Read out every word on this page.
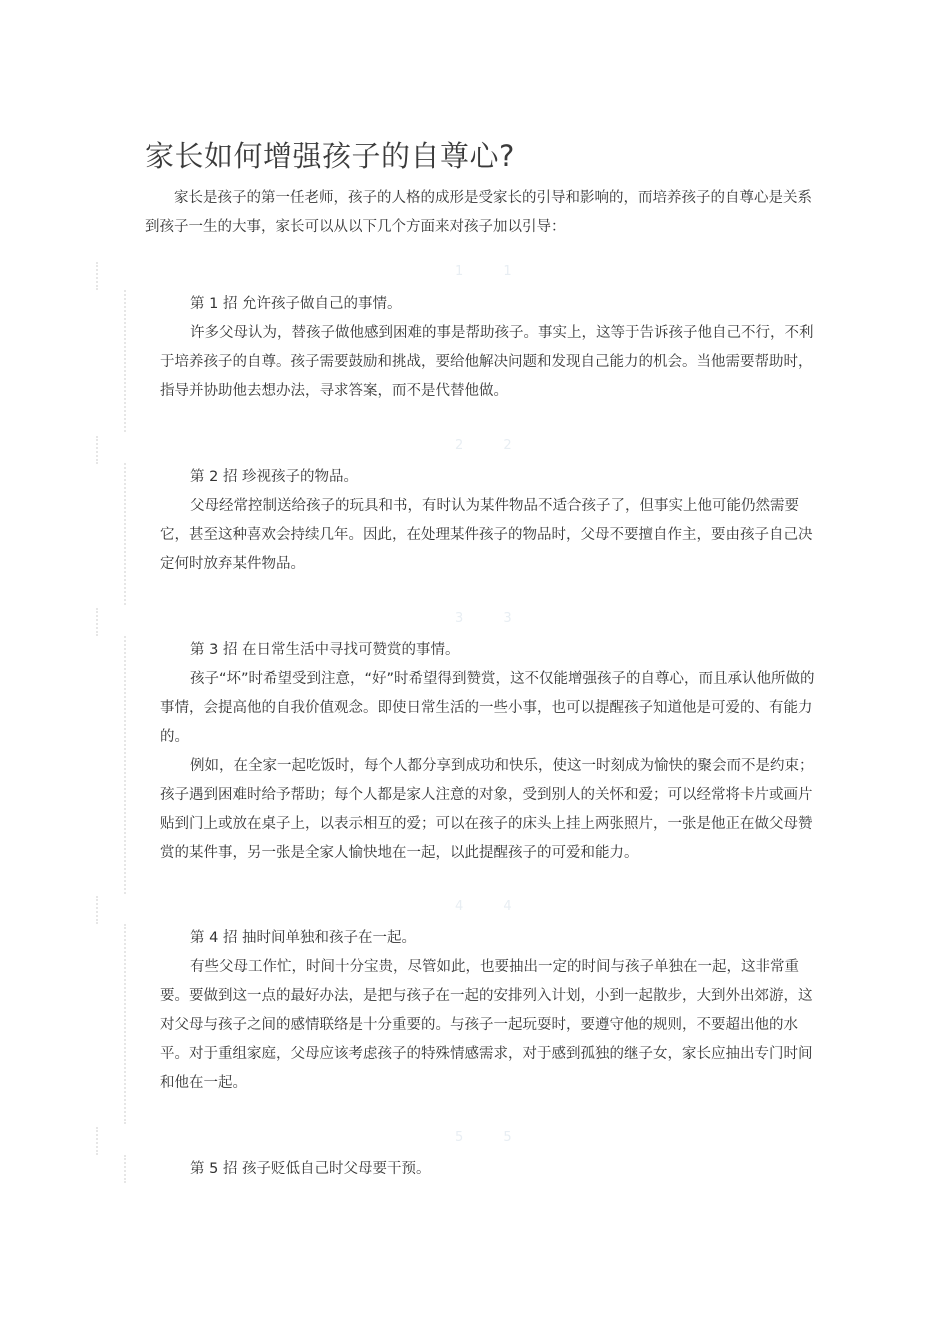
家长如何增强孩子的自尊心?

家长是孩子的第一任老师，孩子的人格的成形是受家长的引导和影响的，而培养孩子的自尊心是关系到孩子一生的大事，家长可以从以下几个方面来对孩子加以引导：

1 1

第 1 招 允许孩子做自己的事情。

许多父母认为，替孩子做他感到困难的事是帮助孩子。事实上，这等于告诉孩子他自己不行，不利于培养孩子的自尊。孩子需要鼓励和挑战，要给他解决问题和发现自己能力的机会。当他需要帮助时，指导并协助他去想办法，寻求答案，而不是代替他做。

2 2

第 2 招 珍视孩子的物品。

父母经常控制送给孩子的玩具和书，有时认为某件物品不适合孩子了，但事实上他可能仍然需要它，甚至这种喜欢会持续几年。因此，在处理某件孩子的物品时，父母不要擅自作主，要由孩子自己决定何时放弃某件物品。

3 3

第 3 招 在日常生活中寻找可赞赏的事情。

孩子“坏”时希望受到注意，“好”时希望得到赞赏，这不仅能增强孩子的自尊心，而且承认他所做的事情，会提高他的自我价值观念。即使日常生活的一些小事，也可以提醒孩子知道他是可爱的、有能力的。

例如，在全家一起吃饭时，每个人都分享到成功和快乐，使这一时刻成为愉快的聚会而不是约束；孩子遇到困难时给予帮助；每个人都是家人注意的对象，受到别人的关怀和爱；可以经常将卡片或画片贴到门上或放在桌子上，以表示相互的爱；可以在孩子的床头上挂上两张照片，一张是他正在做父母赞赏的某件事，另一张是全家人愉快地在一起，以此提醒孩子的可爱和能力。

4 4

第 4 招 抽时间单独和孩子在一起。

有些父母工作忙，时间十分宝贵，尽管如此，也要抽出一定的时间与孩子单独在一起，这非常重要。要做到这一点的最好办法，是把与孩子在一起的安排列入计划，小到一起散步，大到外出郊游，这对父母与孩子之间的感情联络是十分重要的。与孩子一起玩耍时，要遵守他的规则，不要超出他的水平。对于重组家庭，父母应该考虑孩子的特殊情感需求，对于感到孤独的继子女，家长应抽出专门时间和他在一起。

5 5

第 5 招 孩子贬低自己时父母要干预。
